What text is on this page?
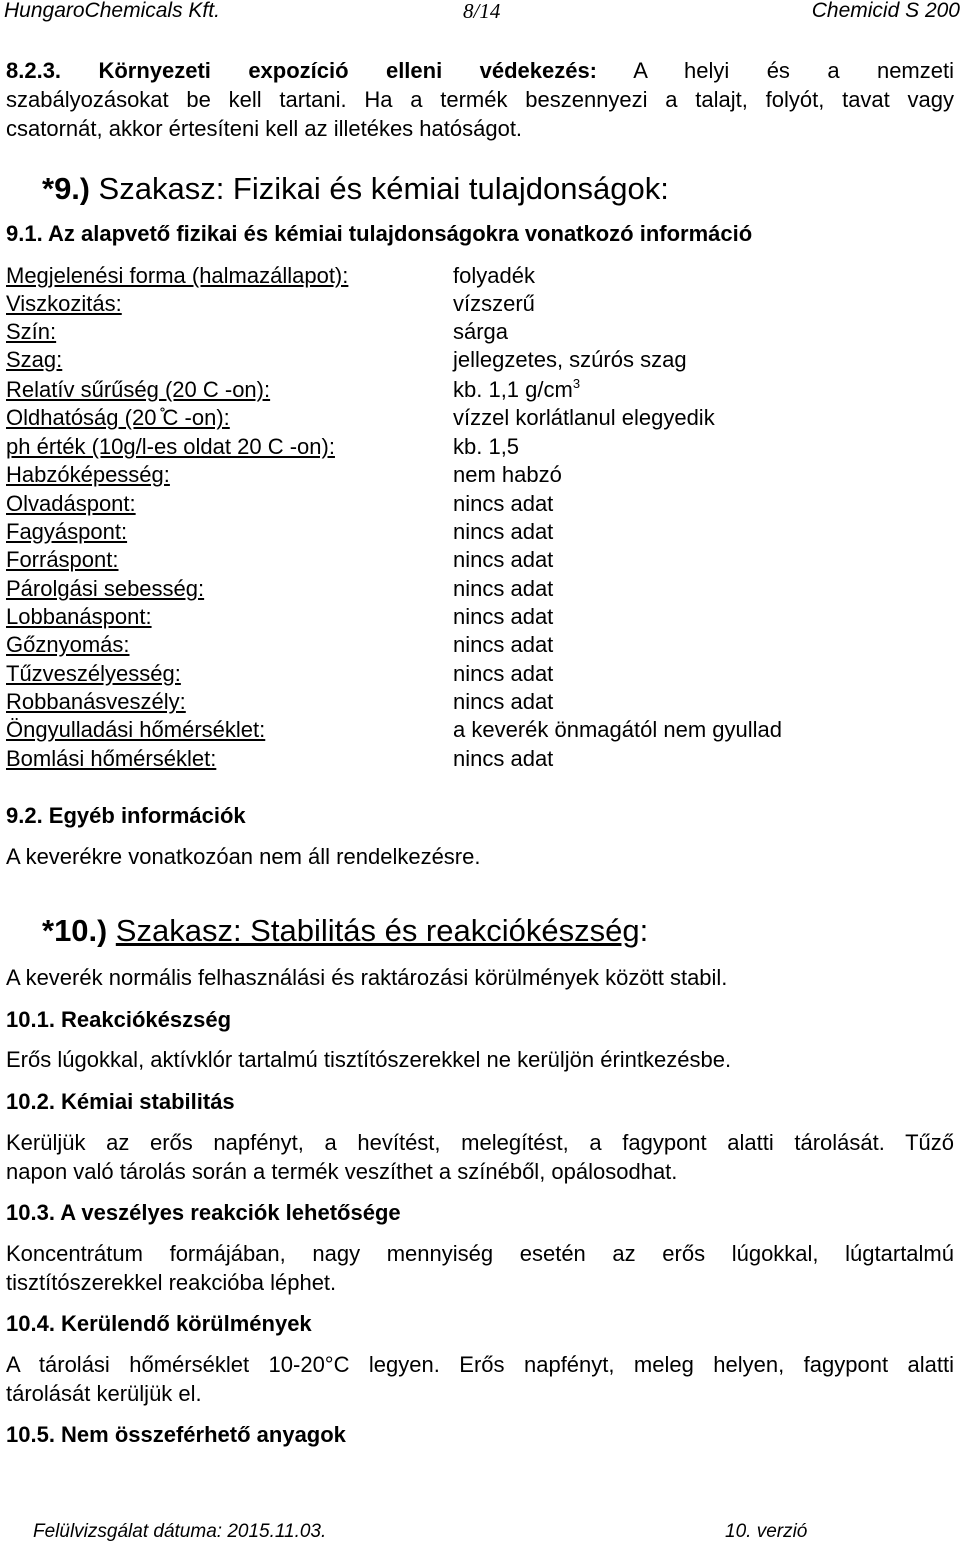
HungaroChemicals Kft.	8/14	Chemicid S 200
8.2.3. Környezeti expozíció elleni védekezés: A helyi és a nemzeti
szabályozásokat be kell tartani. Ha a termék beszennyezi a talajt, folyót, tavat vagy
csatornát, akkor értesíteni kell az illetékes hatóságot.
*9.) Szakasz: Fizikai és kémiai tulajdonságok:
9.1. Az alapvető fizikai és kémiai tulajdonságokra vonatkozó információ
Megjelenési forma (halmazállapot):	folyadék
Viszkozitás:	vízszerű
Szín:	sárga
Szag:	jellegzetes, szúrós szag
Relatív sűrűség (20 C -on):	kb. 1,1 $g/cm^3$
Oldhatóság (20 ̊C -on):	vízzel korlátlanul elegyedik
ph érték (10g/l-es oldat 20 C -on):	kb. 1,5
Habzóképesség:	nem habzó
Olvadáspont:	nincs adat
Fagyáspont:	nincs adat
Forráspont:	nincs adat
Párolgási sebesség:	nincs adat
Lobbanáspont:	nincs adat
Gőznyomás:	nincs adat
Tűzveszélyesség:	nincs adat
Robbanásveszély:	nincs adat
Öngyulladási hőmérséklet:	a keverék önmagától nem gyullad
Bomlási hőmérséklet:	nincs adat
9.2. Egyéb információk
A keverékre vonatkozóan nem áll rendelkezésre.
*10.) Szakasz: Stabilitás és reakciókészség:
A keverék normális felhasználási és raktározási körülmények között stabil.
10.1. Reakciókészség
Erős lúgokkal, aktívklór tartalmú tisztítószerekkel ne kerüljön érintkezésbe.
10.2. Kémiai stabilitás
Kerüljük az erős napfényt, a hevítést, melegítést, a fagypont alatti tárolását. Tűző
napon való tárolás során a termék veszíthet a színéből, opálosodhat.
10.3. A veszélyes reakciók lehetősége
Koncentrátum formájában, nagy mennyiség esetén az erős lúgokkal, lúgtartalmú
tisztítószerekkel reakcióba léphet.
10.4. Kerülendő körülmények
A tárolási hőmérséklet 10-20°C legyen. Erős napfényt, meleg helyen, fagypont alatti
tárolását kerüljük el.
10.5. Nem összeférhető anyagok
Felülvizsgálat dátuma: 2015.11.03.	10. verzió
